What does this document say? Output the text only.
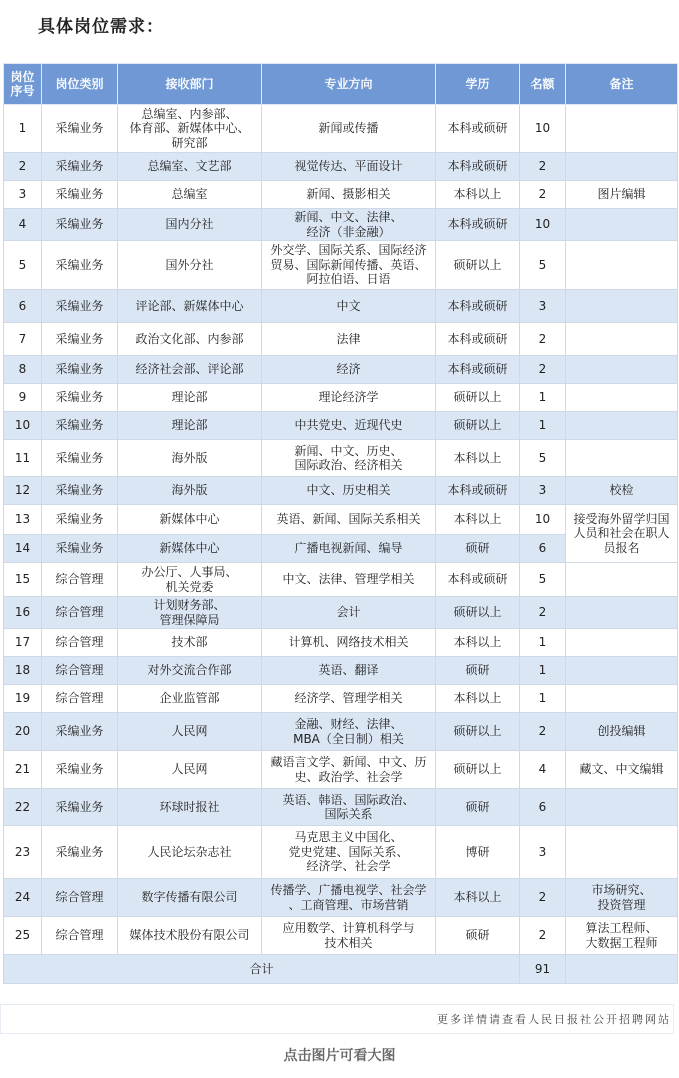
具体岗位需求：
岗位
序号	岗位类别	接收部门	专业方向	学历	名额	备注
1	采编业务	总编室、内参部、
体育部、新媒体中心、
研究部	新闻或传播	本科或硕研	10	
2	采编业务	总编室、文艺部	视觉传达、平面设计	本科或硕研	2	
3	采编业务	总编室	新闻、摄影相关	本科以上	2	图片编辑
4	采编业务	国内分社	新闻、中文、法律、
经济（非金融）	本科或硕研	10	
5	采编业务	国外分社	外交学、国际关系、国际经济
贸易、国际新闻传播、英语、
阿拉伯语、日语	硕研以上	5	
6	采编业务	评论部、新媒体中心	中文	本科或硕研	3	
7	采编业务	政治文化部、内参部	法律	本科或硕研	2	
8	采编业务	经济社会部、评论部	经济	本科或硕研	2	
9	采编业务	理论部	理论经济学	硕研以上	1	
10	采编业务	理论部	中共党史、近现代史	硕研以上	1	
11	采编业务	海外版	新闻、中文、历史、
国际政治、经济相关	本科以上	5	
12	采编业务	海外版	中文、历史相关	本科或硕研	3	校检
13	采编业务	新媒体中心	英语、新闻、国际关系相关	本科以上	10	接受海外留学归国
人员和社会在职人
员报名
14	采编业务	新媒体中心	广播电视新闻、编导	硕研	6	
15	综合管理	办公厅、人事局、
机关党委	中文、法律、管理学相关	本科或硕研	5	
16	综合管理	计划财务部、
管理保障局	会计	硕研以上	2	
17	综合管理	技术部	计算机、网络技术相关	本科以上	1	
18	综合管理	对外交流合作部	英语、翻译	硕研	1	
19	综合管理	企业监管部	经济学、管理学相关	本科以上	1	
20	采编业务	人民网	金融、财经、法律、
MBA（全日制）相关	硕研以上	2	创投编辑
21	采编业务	人民网	藏语言文学、新闻、中文、历
史、政治学、社会学	硕研以上	4	藏文、中文编辑
22	采编业务	环球时报社	英语、韩语、国际政治、
国际关系	硕研	6	
23	采编业务	人民论坛杂志社	马克思主义中国化、
党史党建、国际关系、
经济学、社会学	博研	3	
24	综合管理	数字传播有限公司	传播学、广播电视学、社会学
、工商管理、市场营销	本科以上	2	市场研究、
投资管理
25	综合管理	媒体技术股份有限公司	应用数学、计算机科学与
技术相关	硕研	2	算法工程师、
大数据工程师
合计					91	
更多详情请查看人民日报社公开招聘网站
点击图片可看大图
